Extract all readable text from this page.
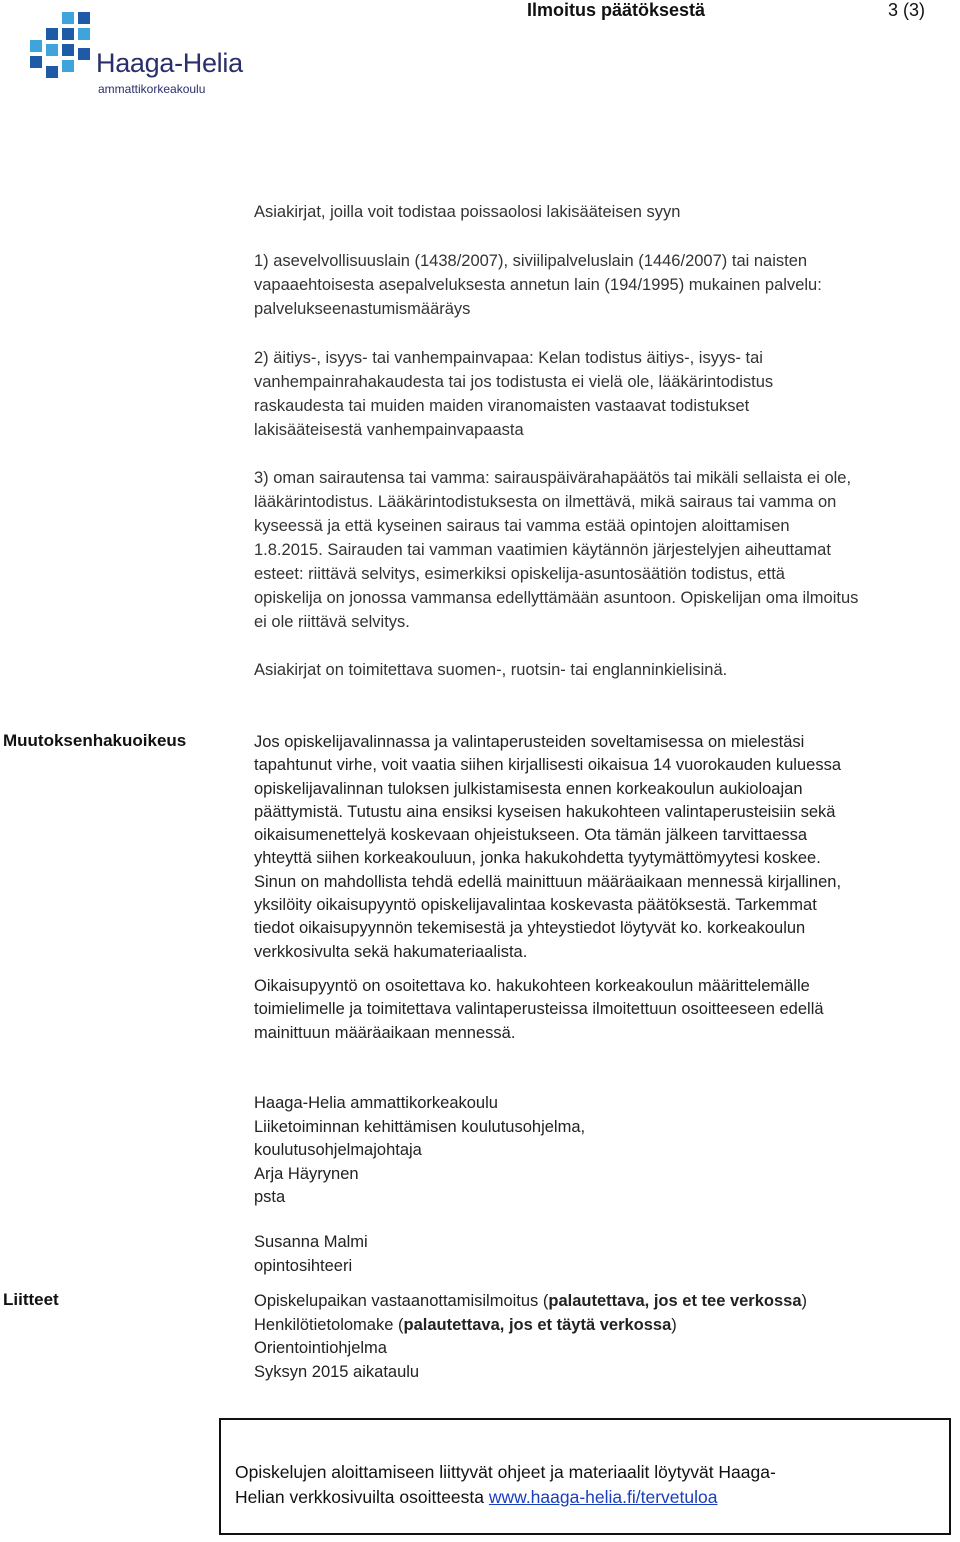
Ilmoitus päätöksestä	3 (3)
Haaga-Helia
ammattikorkeakoulu

Asiakirjat, joilla voit todistaa poissaolosi lakisääteisen syyn

1) asevelvollisuuslain (1438/2007), siviilipalveluslain (1446/2007) tai naisten

vapaaehtoisesta asepalveluksesta annetun lain (194/1995) mukainen palvelu:

palvelukseenastumismääräys

2) äitiys-, isyys- tai vanhempainvapaa: Kelan todistus äitiys-, isyys- tai

vanhempainrahakaudesta tai jos todistusta ei vielä ole, lääkärintodistus

raskaudesta tai muiden maiden viranomaisten vastaavat todistukset

lakisääteisestä vanhempainvapaasta

3) oman sairautensa tai vamma: sairauspäivärahapäätös tai mikäli sellaista ei ole,

lääkärintodistus. Lääkärintodistuksesta on ilmettävä, mikä sairaus tai vamma on

kyseessä ja että kyseinen sairaus tai vamma estää opintojen aloittamisen

1.8.2015. Sairauden tai vamman vaatimien käytännön järjestelyjen aiheuttamat

esteet: riittävä selvitys, esimerkiksi opiskelija-asuntosäätiön todistus, että

opiskelija on jonossa vammansa edellyttämään asuntoon. Opiskelijan oma ilmoitus

ei ole riittävä selvitys.

Asiakirjat on toimitettava suomen-, ruotsin- tai englanninkielisinä.

Muutoksenhakuoikeus	Jos opiskelijavalinnassa ja valintaperusteiden soveltamisessa on mielestäsi

tapahtunut virhe, voit vaatia siihen kirjallisesti oikaisua 14 vuorokauden kuluessa

opiskelijavalinnan tuloksen julkistamisesta ennen korkeakoulun aukioloajan

päättymistä. Tutustu aina ensiksi kyseisen hakukohteen valintaperusteisiin sekä

oikaisumenettelyä koskevaan ohjeistukseen. Ota tämän jälkeen tarvittaessa

yhteyttä siihen korkeakouluun, jonka hakukohdetta tyytymättömyytesi koskee.

Sinun on mahdollista tehdä edellä mainittuun määräaikaan mennessä kirjallinen,

yksilöity oikaisupyyntö opiskelijavalintaa koskevasta päätöksestä. Tarkemmat

tiedot oikaisupyynnön tekemisestä ja yhteystiedot löytyvät ko. korkeakoulun

verkkosivulta sekä hakumateriaalista.

Oikaisupyyntö on osoitettava ko. hakukohteen korkeakoulun määrittelemälle

toimielimelle ja toimitettava valintaperusteissa ilmoitettuun osoitteeseen edellä

mainittuun määräaikaan mennessä.

Haaga-Helia ammattikorkeakoulu
Liiketoiminnan kehittämisen koulutusohjelma,
koulutusohjelmajohtaja
Arja Häyrynen
psta
Susanna Malmi
opintosihteeri
Liitteet	Opiskelupaikan vastaanottamisilmoitus (palautettava, jos et tee verkossa)
Henkilötietolomake (palautettava, jos et täytä verkossa)
Orientointiohjelma
Syksyn 2015 aikataulu
Opiskelujen aloittamiseen liittyvät ohjeet ja materiaalit löytyvät Haaga-
Helian verkkosivuilta osoitteesta www.haaga-helia.fi/tervetuloa
